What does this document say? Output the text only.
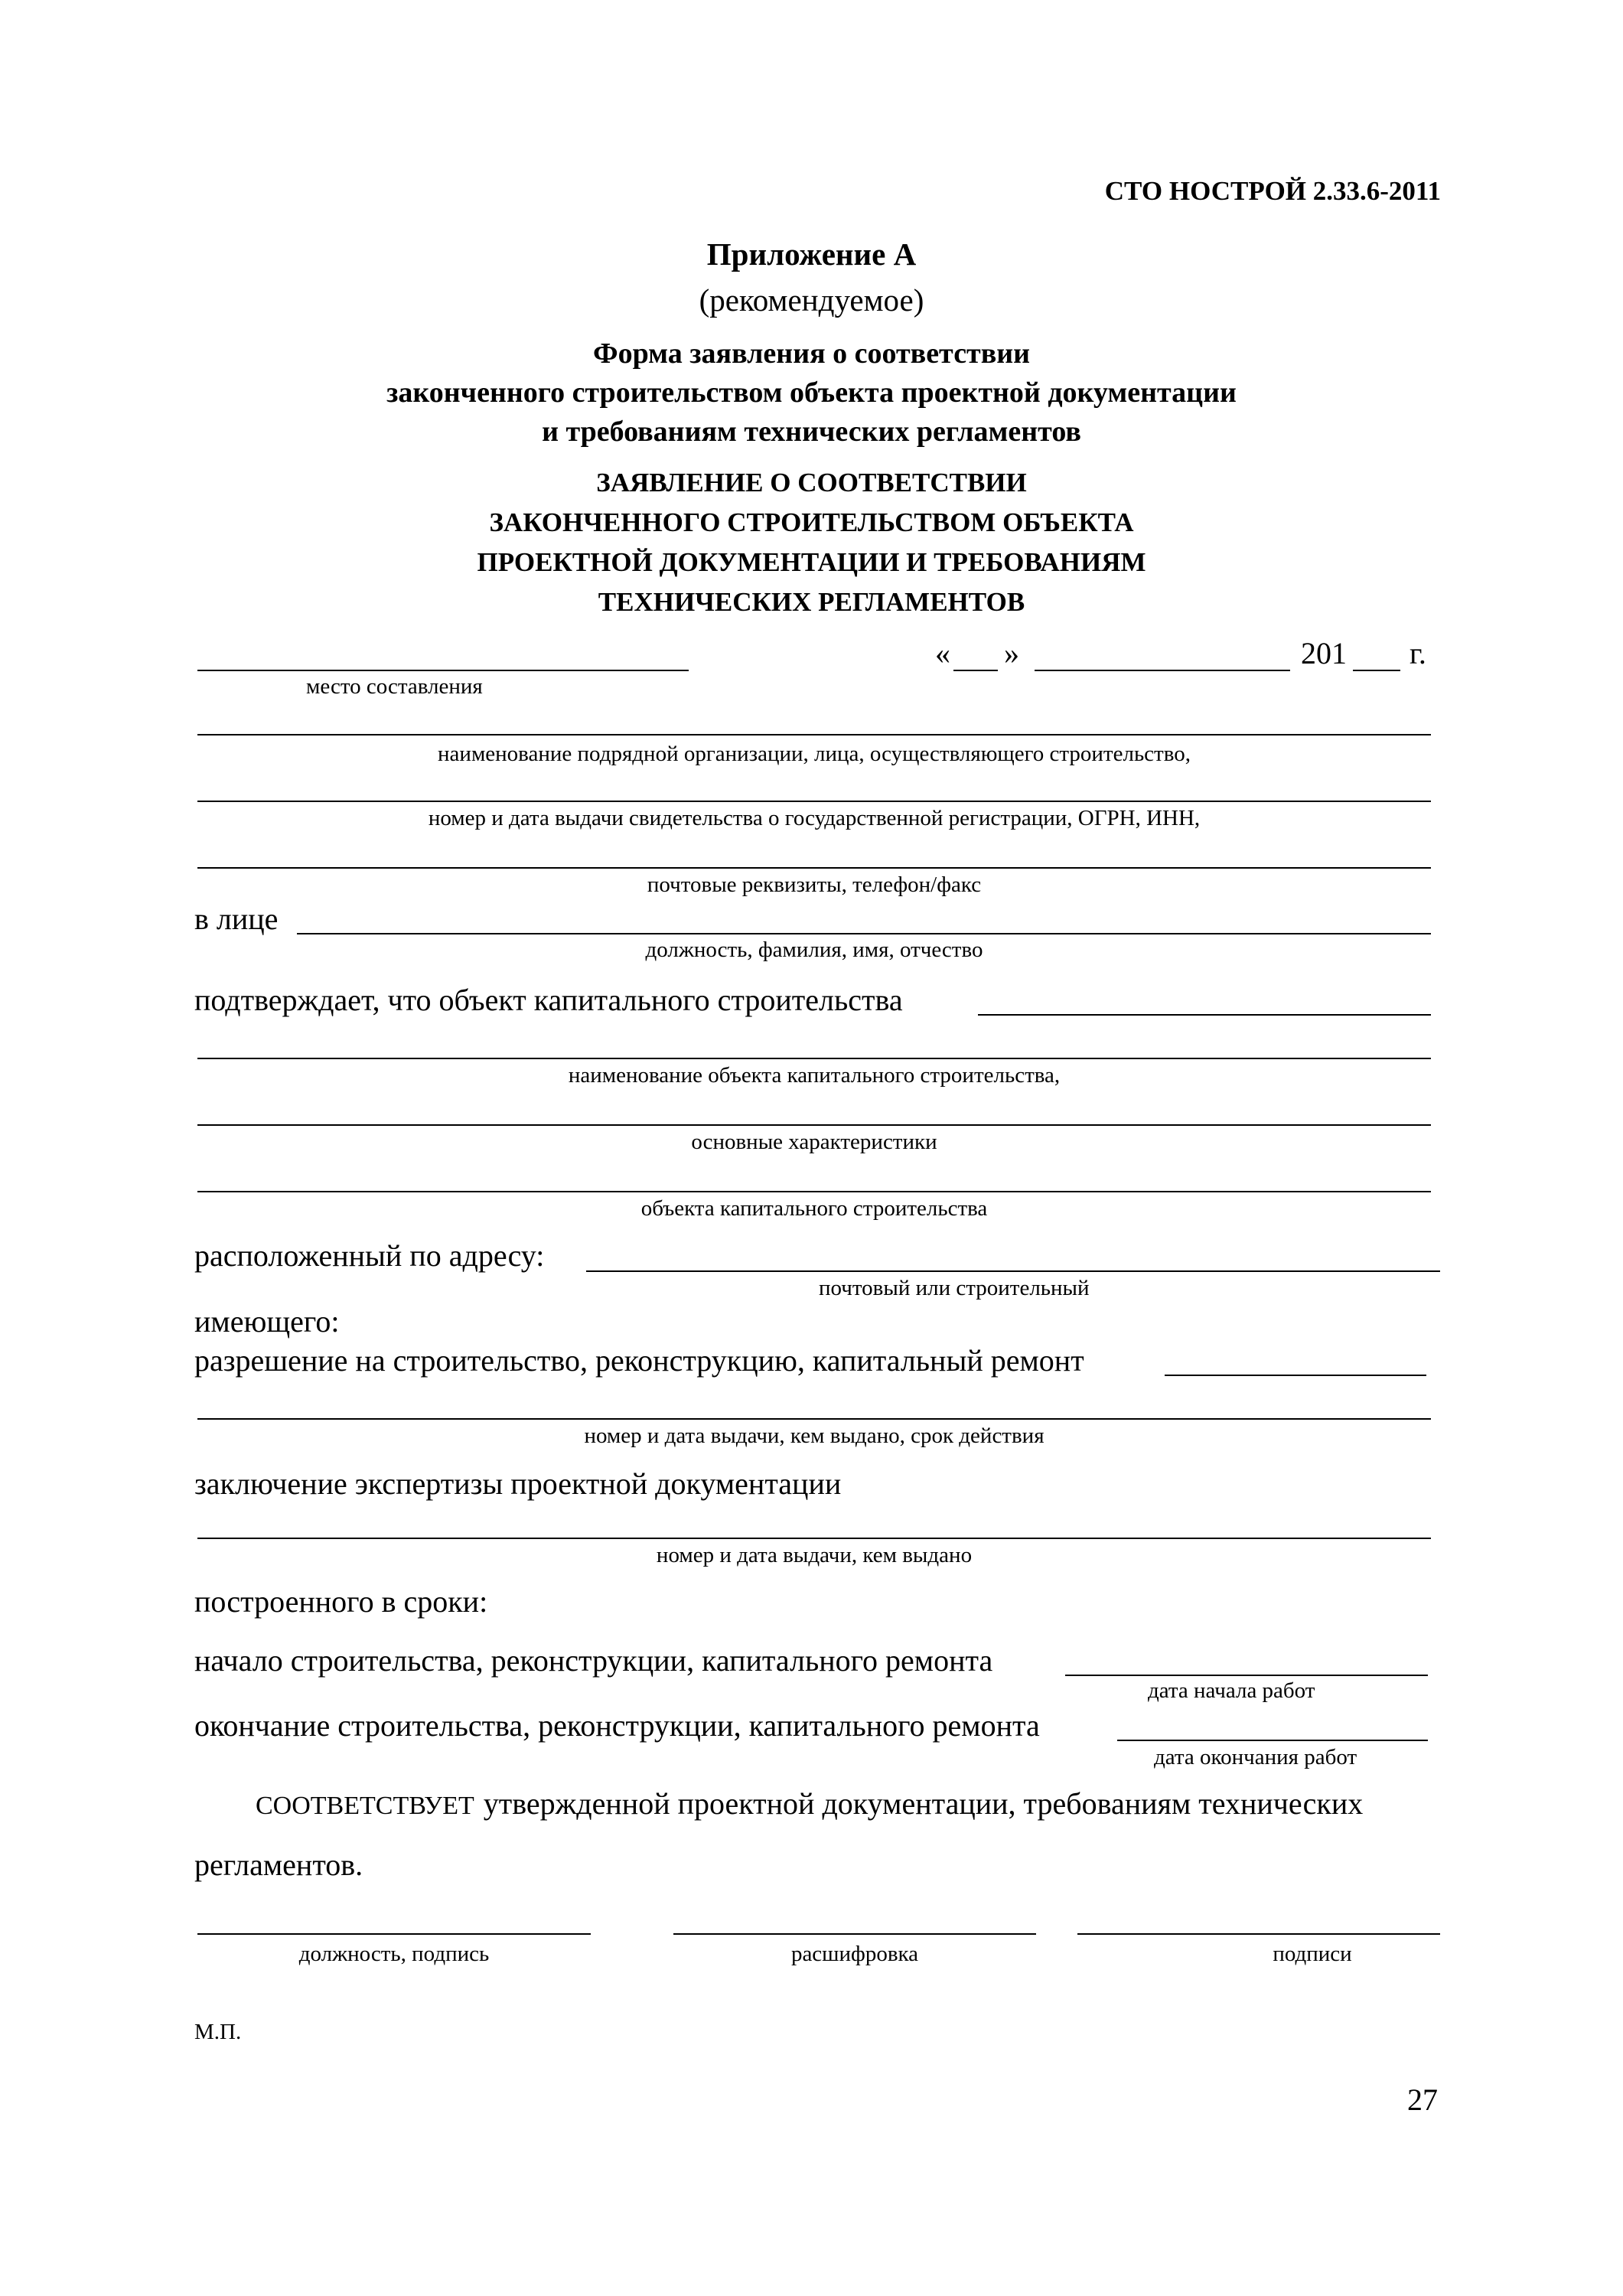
СТО НОСТРОЙ 2.33.6-2011
Приложение А
(рекомендуемое)
Форма заявления о соответствии
законченного строительством объекта проектной документации
и требованиям технических регламентов
ЗАЯВЛЕНИЕ О СООТВЕТСТВИИ
ЗАКОНЧЕННОГО СТРОИТЕЛЬСТВОМ ОБЪЕКТА
ПРОЕКТНОЙ ДОКУМЕНТАЦИИ И ТРЕБОВАНИЯМ
ТЕХНИЧЕСКИХ РЕГЛАМЕНТОВ
« »	201 г.
место составления
наименование подрядной организации, лица, осуществляющего строительство,
номер и дата выдачи свидетельства о государственной регистрации, ОГРН, ИНН,
почтовые реквизиты, телефон/факс
в лице
должность, фамилия, имя, отчество
подтверждает, что объект капитального строительства
наименование объекта капитального строительства,
основные характеристики
объекта капитального строительства
расположенный по адресу:
почтовый или строительный
имеющего:
разрешение на строительство, реконструкцию, капитальный ремонт
номер и дата выдачи, кем выдано, срок действия
заключение экспертизы проектной документации
номер и дата выдачи, кем выдано
построенного в сроки:
начало строительства, реконструкции, капитального ремонта
дата начала работ
окончание строительства, реконструкции, капитального ремонта
дата окончания работ
СООТВЕТСТВУЕТ утвержденной проектной документации, требованиям технических
регламентов.
должность, подпись	расшифровка	подписи
М.П.
27
